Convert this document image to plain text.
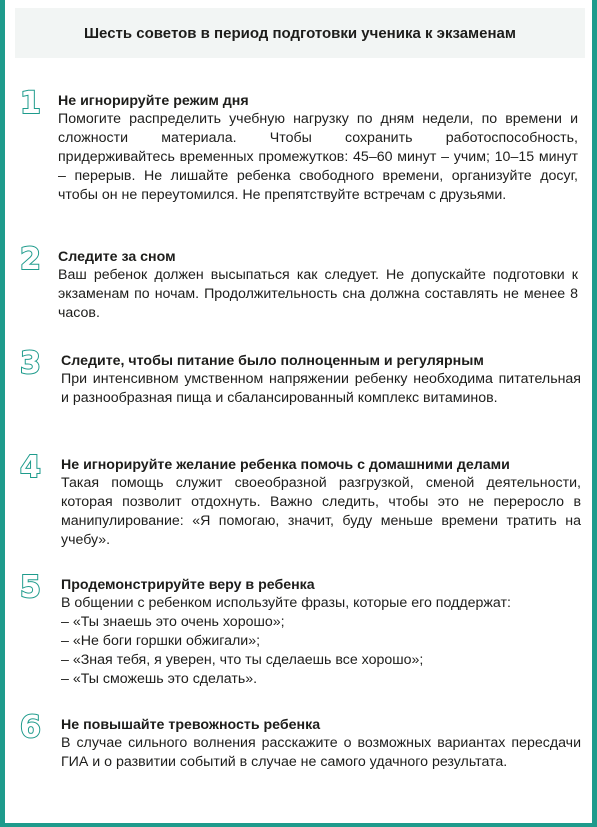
Шесть советов в период подготовки ученика к экзаменам
1	Не игнорируйте режим дня
Помогите распределить учебную нагрузку по дням недели, по времени и сложности материала. Чтобы сохранить работоспособность, придерживайтесь временных промежутков: 45–60 минут – учим; 10–15 минут – перерыв. Не лишайте ребенка свободного времени, организуйте досуг, чтобы он не переутомился. Не препятствуйте встречам с друзьями.
2	Следите за сном
Ваш ребенок должен высыпаться как следует. Не допускайте подготовки к экзаменам по ночам. Продолжительность сна должна составлять не менее 8 часов.
3	Следите, чтобы питание было полноценным и регулярным
При интенсивном умственном напряжении ребенку необходима питательная и разнообразная пища и сбалансированный комплекс витаминов.
4	Не игнорируйте желание ребенка помочь с домашними делами
Такая помощь служит своеобразной разгрузкой, сменой деятельности, которая позволит отдохнуть. Важно следить, чтобы это не переросло в манипулирование: «Я помогаю, значит, буду меньше времени тратить на учебу».
5	Продемонстрируйте веру в ребенка
В общении с ребенком используйте фразы, которые его поддержат:
– «Ты знаешь это очень хорошо»;
– «Не боги горшки обжигали»;
– «Зная тебя, я уверен, что ты сделаешь все хорошо»;
– «Ты сможешь это сделать».
6	Не повышайте тревожность ребенка
В случае сильного волнения расскажите о возможных вариантах пересдачи ГИА и о развитии событий в случае не самого удачного результата.
